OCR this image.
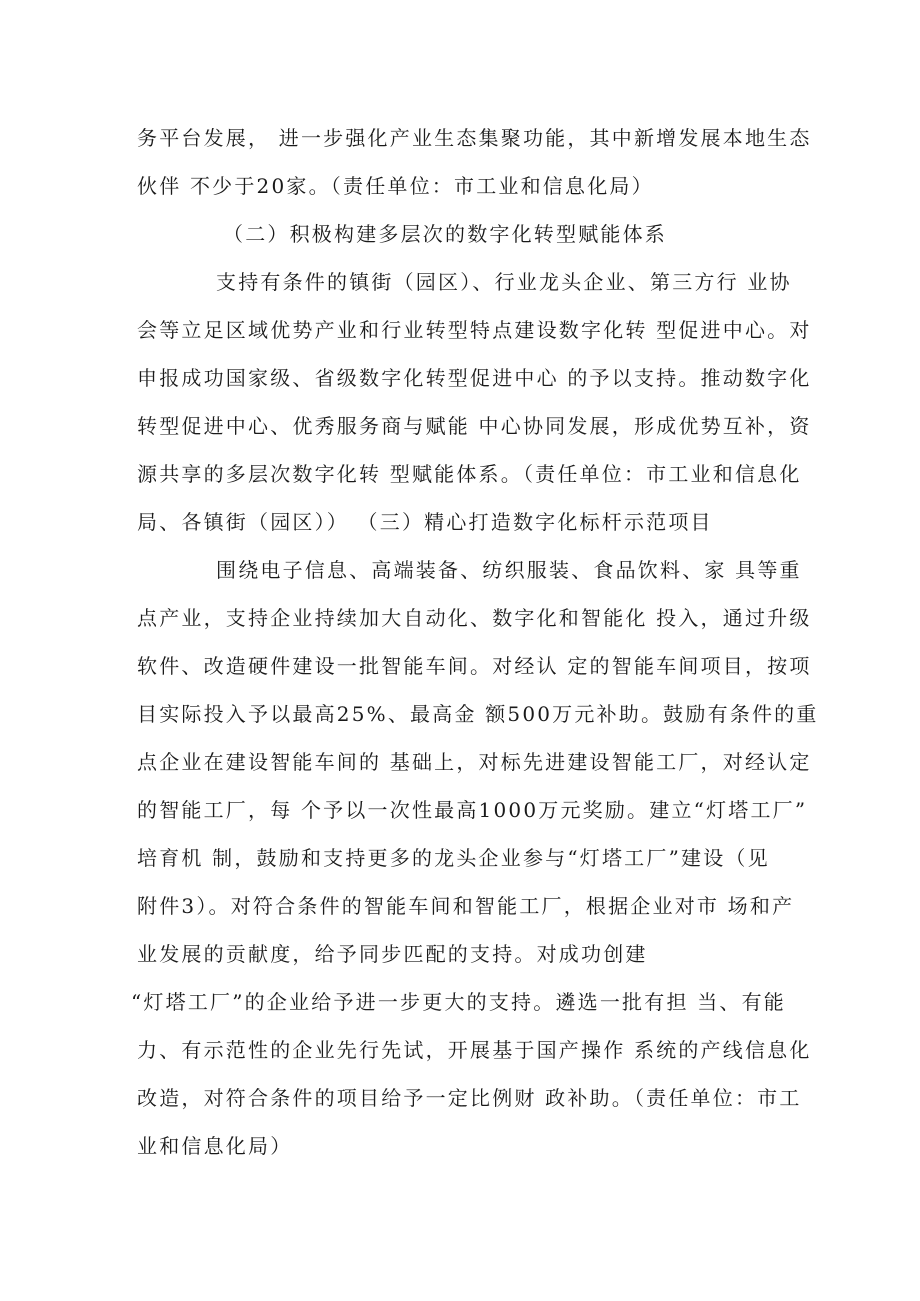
务平台发展， 进一步强化产业生态集聚功能，其中新增发展本地生态
伙伴 不少于20家。（责任单位：市工业和信息化局）
（二）积极构建多层次的数字化转型赋能体系
支持有条件的镇街（园区）、行业龙头企业、第三方行 业协
会等立足区域优势产业和行业转型特点建设数字化转 型促进中心。对
申报成功国家级、省级数字化转型促进中心 的予以支持。推动数字化
转型促进中心、优秀服务商与赋能 中心协同发展，形成优势互补，资
源共享的多层次数字化转 型赋能体系。（责任单位：市工业和信息化
局、各镇街（园区）） （三）精心打造数字化标杆示范项目
围绕电子信息、高端装备、纺织服装、食品饮料、家 具等重
点产业，支持企业持续加大自动化、数字化和智能化 投入，通过升级
软件、改造硬件建设一批智能车间。对经认 定的智能车间项目，按项
目实际投入予以最高25%、最高金 额500万元补助。鼓励有条件的重
点企业在建设智能车间的 基础上，对标先进建设智能工厂，对经认定
的智能工厂，每 个予以一次性最高1000万元奖励。建立“灯塔工厂”
培育机 制，鼓励和支持更多的龙头企业参与“灯塔工厂”建设（见
附件3）。对符合条件的智能车间和智能工厂，根据企业对市 场和产
业发展的贡献度，给予同步匹配的支持。对成功创建
“灯塔工厂”的企业给予进一步更大的支持。遴选一批有担 当、有能
力、有示范性的企业先行先试，开展基于国产操作 系统的产线信息化
改造，对符合条件的项目给予一定比例财 政补助。（责任单位：市工
业和信息化局）
